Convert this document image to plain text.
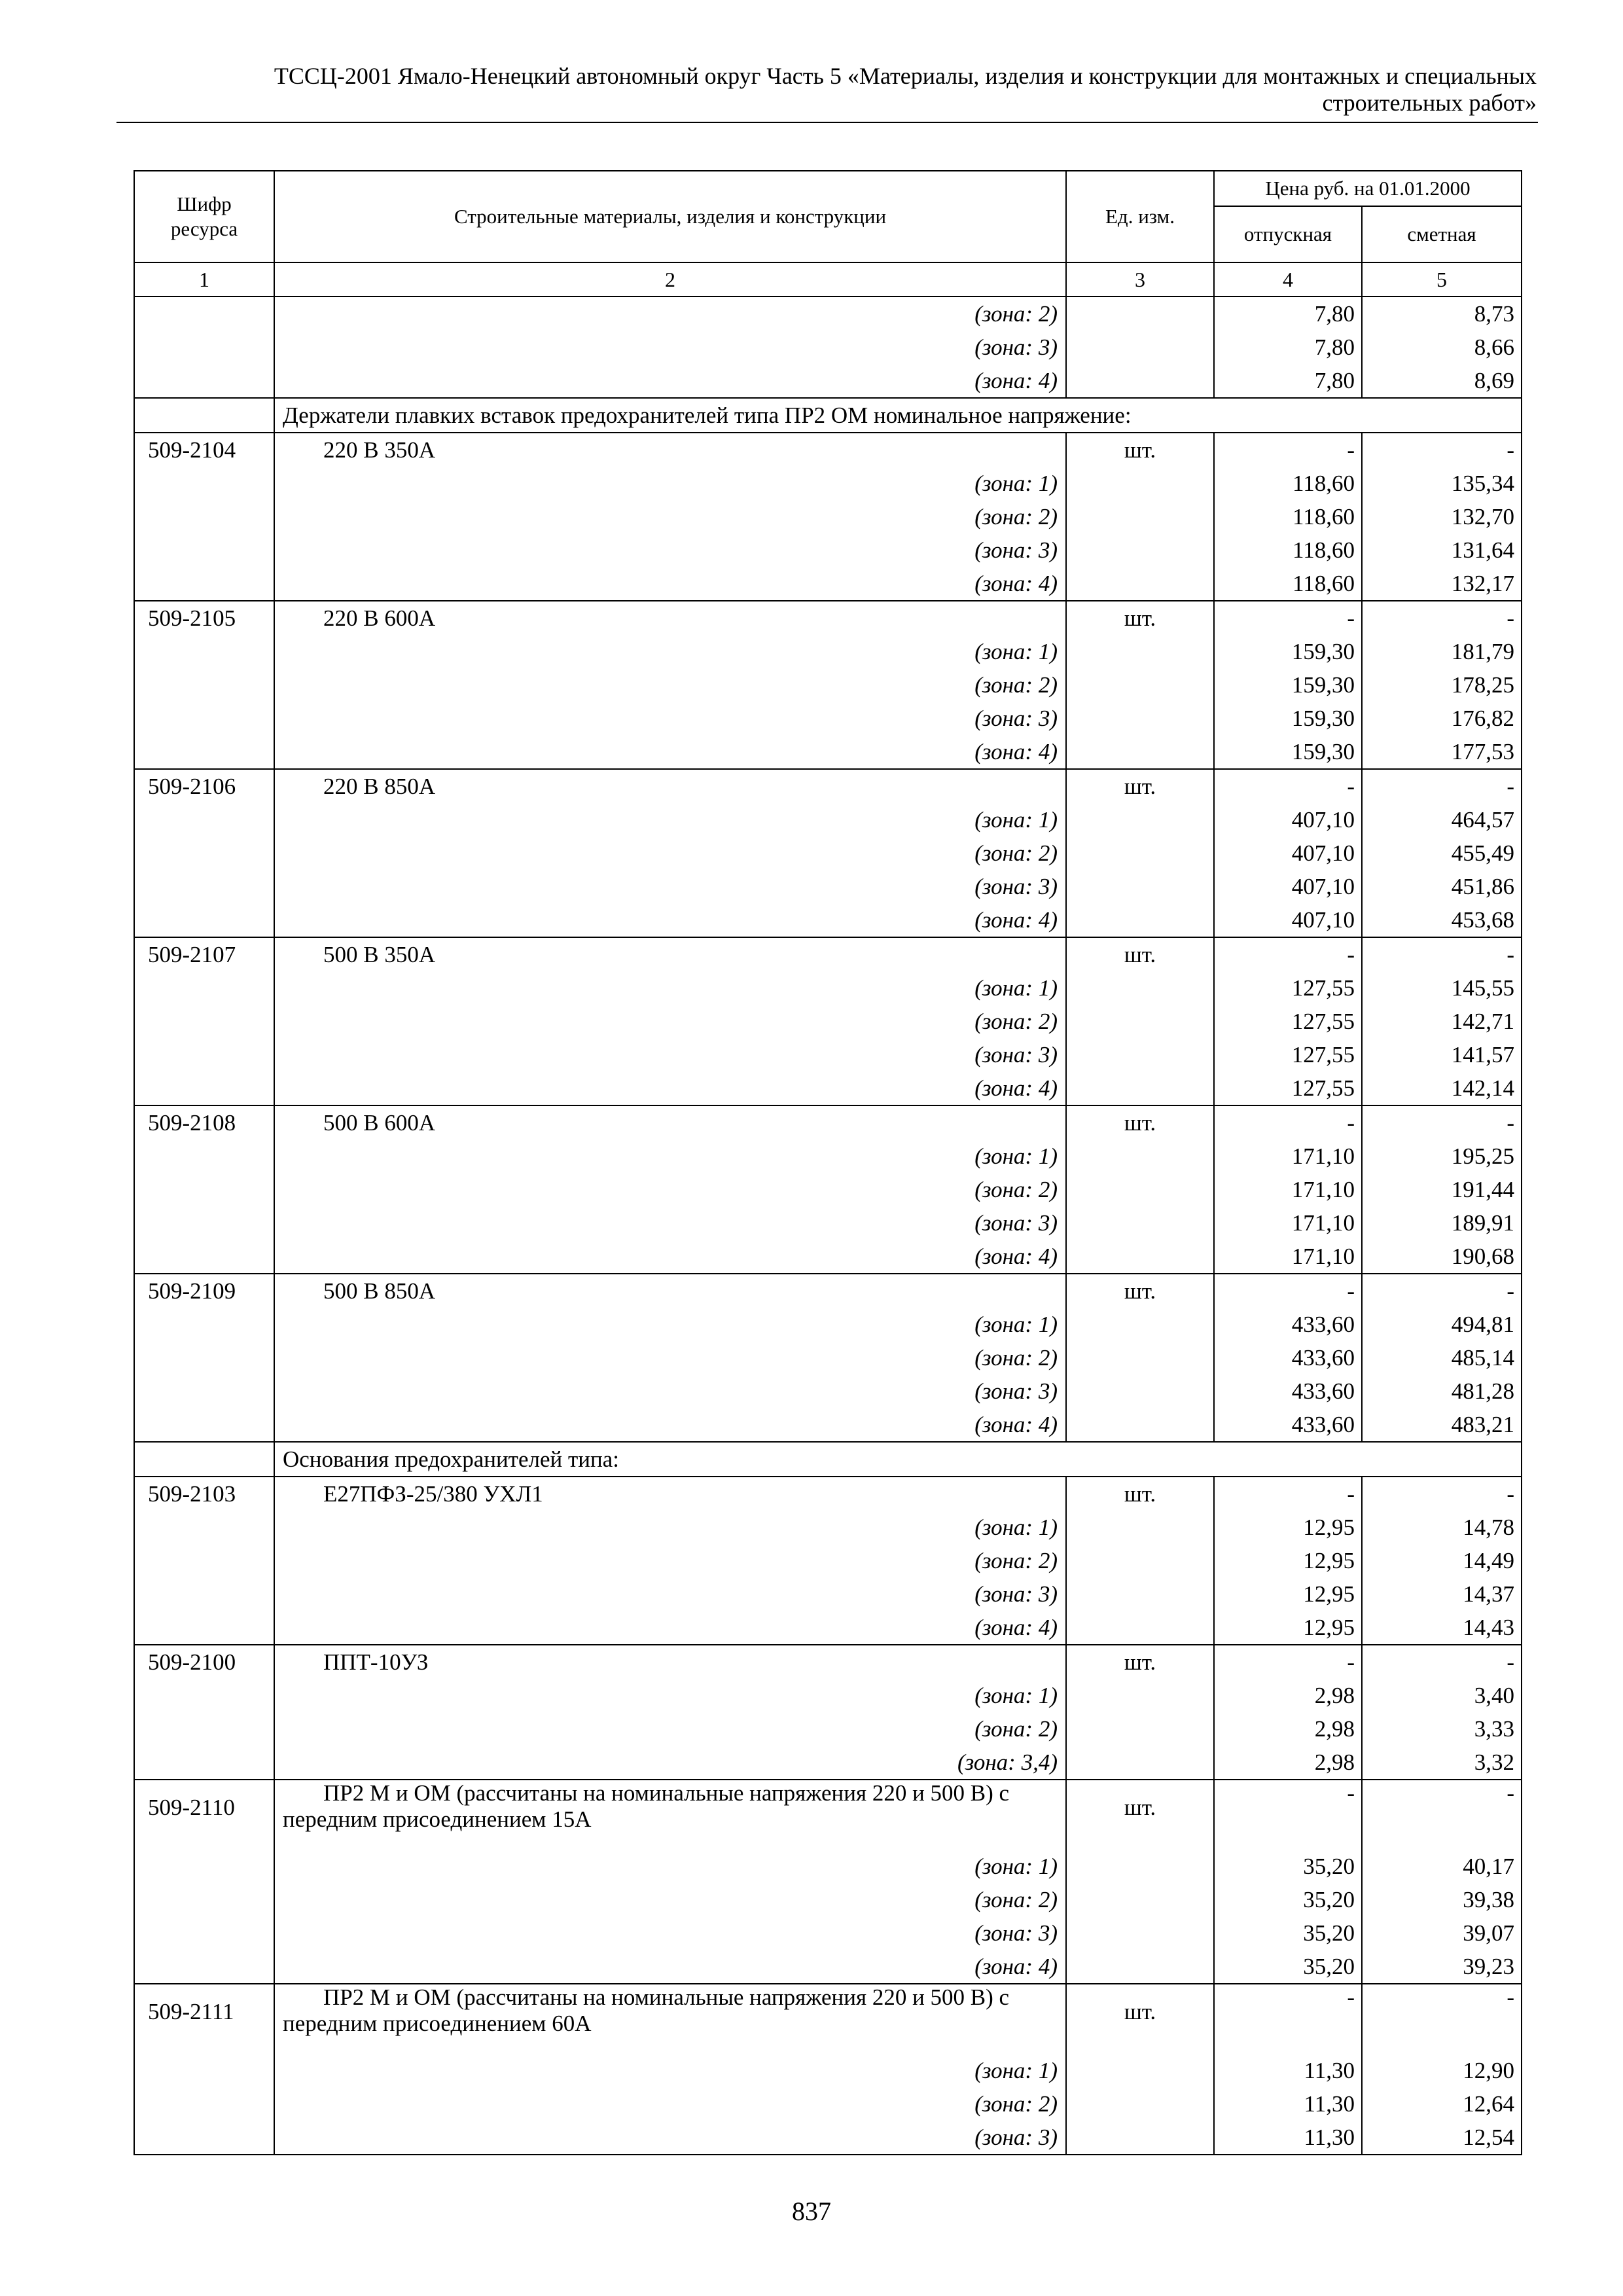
ТССЦ-2001 Ямало-Ненецкий автономный округ Часть 5 «Материалы, изделия и конструкции для монтажных и специальных
строительных работ»
Шифр ресурса	Строительные материалы, изделия и конструкции	Ед. изм.	Цена руб. на 01.01.2000	
			отпускная	сметная
1	2	3	4	5
	(зона: 2)		7,80	8,73
	(зона: 3)		7,80	8,66
	(зона: 4)		7,80	8,69
	Держатели плавких вставок предохранителей типа ПР2 ОМ номинальное напряжение:			
509-2104	220 В 350А	шт.	-	-
	(зона: 1)		118,60	135,34
	(зона: 2)		118,60	132,70
	(зона: 3)		118,60	131,64
	(зона: 4)		118,60	132,17
509-2105	220 В 600А	шт.	-	-
	(зона: 1)		159,30	181,79
	(зона: 2)		159,30	178,25
	(зона: 3)		159,30	176,82
	(зона: 4)		159,30	177,53
509-2106	220 В 850А	шт.	-	-
	(зона: 1)		407,10	464,57
	(зона: 2)		407,10	455,49
	(зона: 3)		407,10	451,86
	(зона: 4)		407,10	453,68
509-2107	500 В 350А	шт.	-	-
	(зона: 1)		127,55	145,55
	(зона: 2)		127,55	142,71
	(зона: 3)		127,55	141,57
	(зона: 4)		127,55	142,14
509-2108	500 В 600А	шт.	-	-
	(зона: 1)		171,10	195,25
	(зона: 2)		171,10	191,44
	(зона: 3)		171,10	189,91
	(зона: 4)		171,10	190,68
509-2109	500 В 850А	шт.	-	-
	(зона: 1)		433,60	494,81
	(зона: 2)		433,60	485,14
	(зона: 3)		433,60	481,28
	(зона: 4)		433,60	483,21
	Основания предохранителей типа:			
509-2103	Е27ПФЗ-25/380 УХЛ1	шт.	-	-
	(зона: 1)		12,95	14,78
	(зона: 2)		12,95	14,49
	(зона: 3)		12,95	14,37
	(зона: 4)		12,95	14,43
509-2100	ППТ-10УЗ	шт.	-	-
	(зона: 1)		2,98	3,40
	(зона: 2)		2,98	3,33
	(зона: 3,4)		2,98	3,32
509-2110	ПР2 М и ОМ (рассчитаны на номинальные напряжения 220 и 500 В) с передним присоединением 15А	шт.	-	-
	(зона: 1)		35,20	40,17
	(зона: 2)		35,20	39,38
	(зона: 3)		35,20	39,07
	(зона: 4)		35,20	39,23
509-2111	ПР2 М и ОМ (рассчитаны на номинальные напряжения 220 и 500 В) с передним присоединением 60А	шт.	-	-
	(зона: 1)		11,30	12,90
	(зона: 2)		11,30	12,64
	(зона: 3)		11,30	12,54
837
